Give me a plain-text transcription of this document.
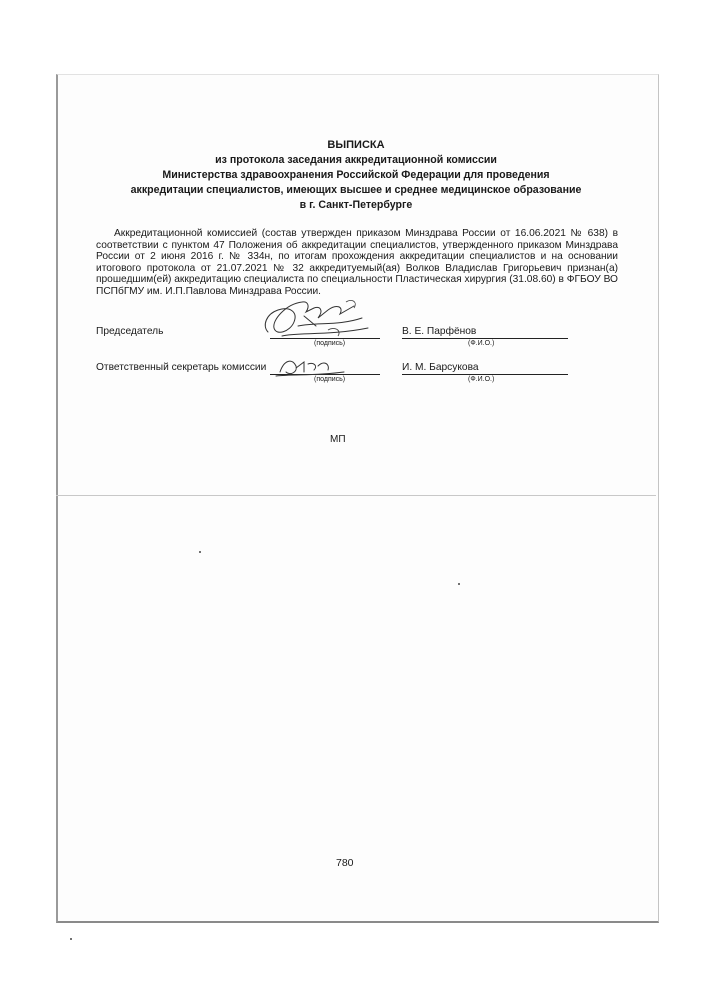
ВЫПИСКА
из протокола заседания аккредитационной комиссии
Министерства здравоохранения Российской Федерации для проведения
аккредитации специалистов, имеющих высшее и среднее медицинское образование
в г. Санкт-Петербурге
Аккредитационной комиссией (состав утвержден приказом Минздрава России от 16.06.2021 № 638) в соответствии с пунктом 47 Положения об аккредитации специалистов, утвержденного приказом Минздрава России от 2 июня 2016 г. № 334н, по итогам прохождения аккредитации специалистов и на основании итогового протокола от 21.07.2021 № 32 аккредитуемый(ая) Волков Владислав Григорьевич признан(а) прошедшим(ей) аккредитацию специалиста по специальности Пластическая хирургия (31.08.60) в ФГБОУ ВО ПСПбГМУ им. И.П.Павлова Минздрава России.
Председатель
(подпись)
В. Е. Парфёнов
(Ф.И.О.)
Ответственный секретарь комиссии
(подпись)
И. М. Барсукова
(Ф.И.О.)
МП
780
